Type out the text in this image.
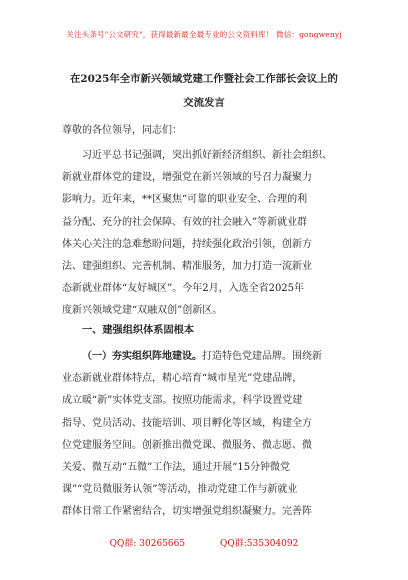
关注头条号"公文研究"，获得最新最全最专业的公文资料库！ 微信：gongwenyj
在2025年全市新兴领域党建工作暨社会工作部长会议上的
交流发言
尊敬的各位领导，同志们：
习近平总书记强调，突出抓好新经济组织、新社会组织、
新就业群体党的建设，增强党在新兴领域的号召力凝聚力
影响力。近年来，**区聚焦“可靠的职业安全、合理的利
益分配、充分的社会保障、有效的社会融入”等新就业群
体关心关注的急难愁盼问题，持续强化政治引领，创新方
法、建强组织、完善机制、精准服务，加力打造一流新业
态新就业群体“友好城区”。今年2月，入选全省2025年
度新兴领域党建“双融双创”创新区。
一、建强组织体系固根本
（一）夯实组织阵地建设。打造特色党建品牌。围绕新
业态新就业群体特点，精心培育“城市星光”党建品牌，
成立暖“新”实体党支部。按照功能需求，科学设置党建
指导、党员活动、技能培训、项目孵化等区域，构建全方
位党建服务空间。创新推出微党课、微服务、微志愿、微
关爱、微互动“五微”工作法，通过开展“15分钟微党
课”“党员微服务认领”等活动，推动党建工作与新就业
群体日常工作紧密结合，切实增强党组织凝聚力。完善阵
QQ群: 30265665	QQ群:535304092
